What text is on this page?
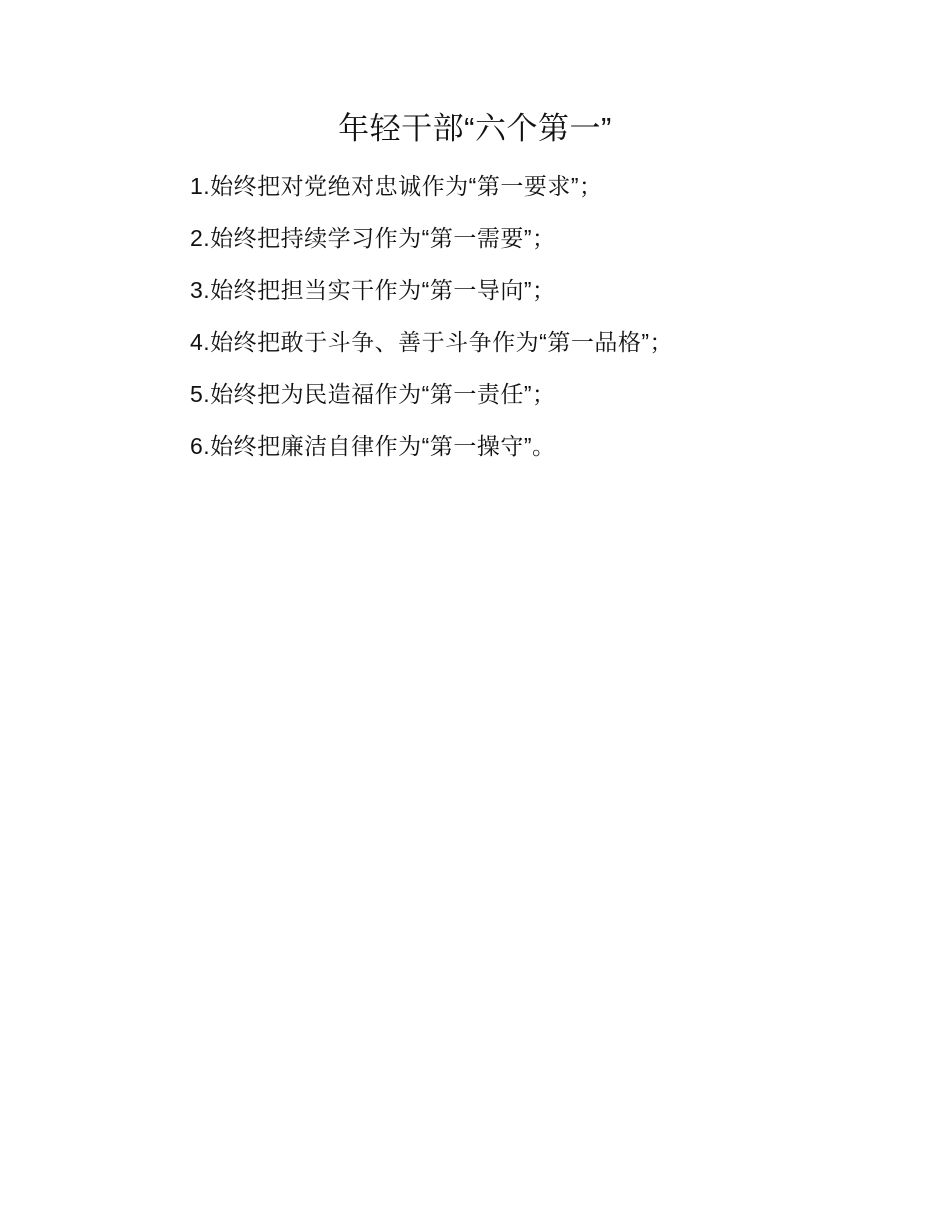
年轻干部“六个第一”

1.始终把对党绝对忠诚作为“第一要求”；

2.始终把持续学习作为“第一需要”；

3.始终把担当实干作为“第一导向”；

4.始终把敢于斗争、善于斗争作为“第一品格”；

5.始终把为民造福作为“第一责任”；

6.始终把廉洁自律作为“第一操守”。
